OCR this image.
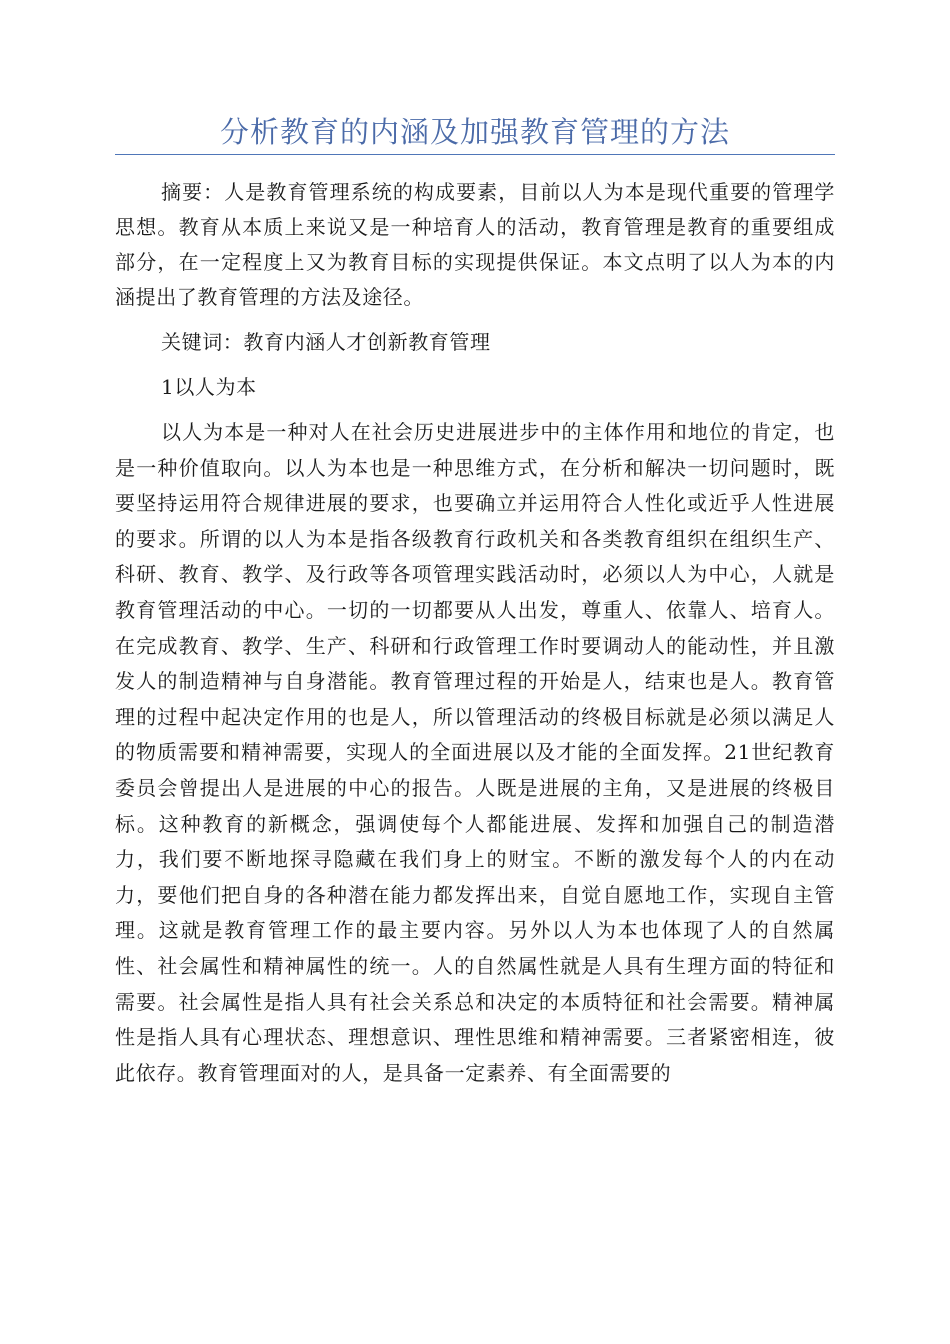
分析教育的内涵及加强教育管理的方法

摘要：人是教育管理系统的构成要素，目前以人为本是现代重要的管理学思想。教育从本质上来说又是一种培育人的活动，教育管理是教育的重要组成部分，在一定程度上又为教育目标的实现提供保证。本文点明了以人为本的内涵提出了教育管理的方法及途径。

关键词：教育内涵人才创新教育管理

1以人为本

以人为本是一种对人在社会历史进展进步中的主体作用和地位的肯定，也是一种价值取向。以人为本也是一种思维方式，在分析和解决一切问题时，既要坚持运用符合规律进展的要求，也要确立并运用符合人性化或近乎人性进展的要求。所谓的以人为本是指各级教育行政机关和各类教育组织在组织生产、科研、教育、教学、及行政等各项管理实践活动时，必须以人为中心，人就是教育管理活动的中心。一切的一切都要从人出发，尊重人、依靠人、培育人。在完成教育、教学、生产、科研和行政管理工作时要调动人的能动性，并且激发人的制造精神与自身潜能。教育管理过程的开始是人，结束也是人。教育管理的过程中起决定作用的也是人，所以管理活动的终极目标就是必须以满足人的物质需要和精神需要，实现人的全面进展以及才能的全面发挥。21世纪教育委员会曾提出人是进展的中心的报告。人既是进展的主角，又是进展的终极目标。这种教育的新概念，强调使每个人都能进展、发挥和加强自己的制造潜力，我们要不断地探寻隐藏在我们身上的财宝。不断的激发每个人的内在动力，要他们把自身的各种潜在能力都发挥出来，自觉自愿地工作，实现自主管理。这就是教育管理工作的最主要内容。另外以人为本也体现了人的自然属性、社会属性和精神属性的统一。人的自然属性就是人具有生理方面的特征和需要。社会属性是指人具有社会关系总和决定的本质特征和社会需要。精神属性是指人具有心理状态、理想意识、理性思维和精神需要。三者紧密相连，彼此依存。教育管理面对的人，是具备一定素养、有全面需要的
